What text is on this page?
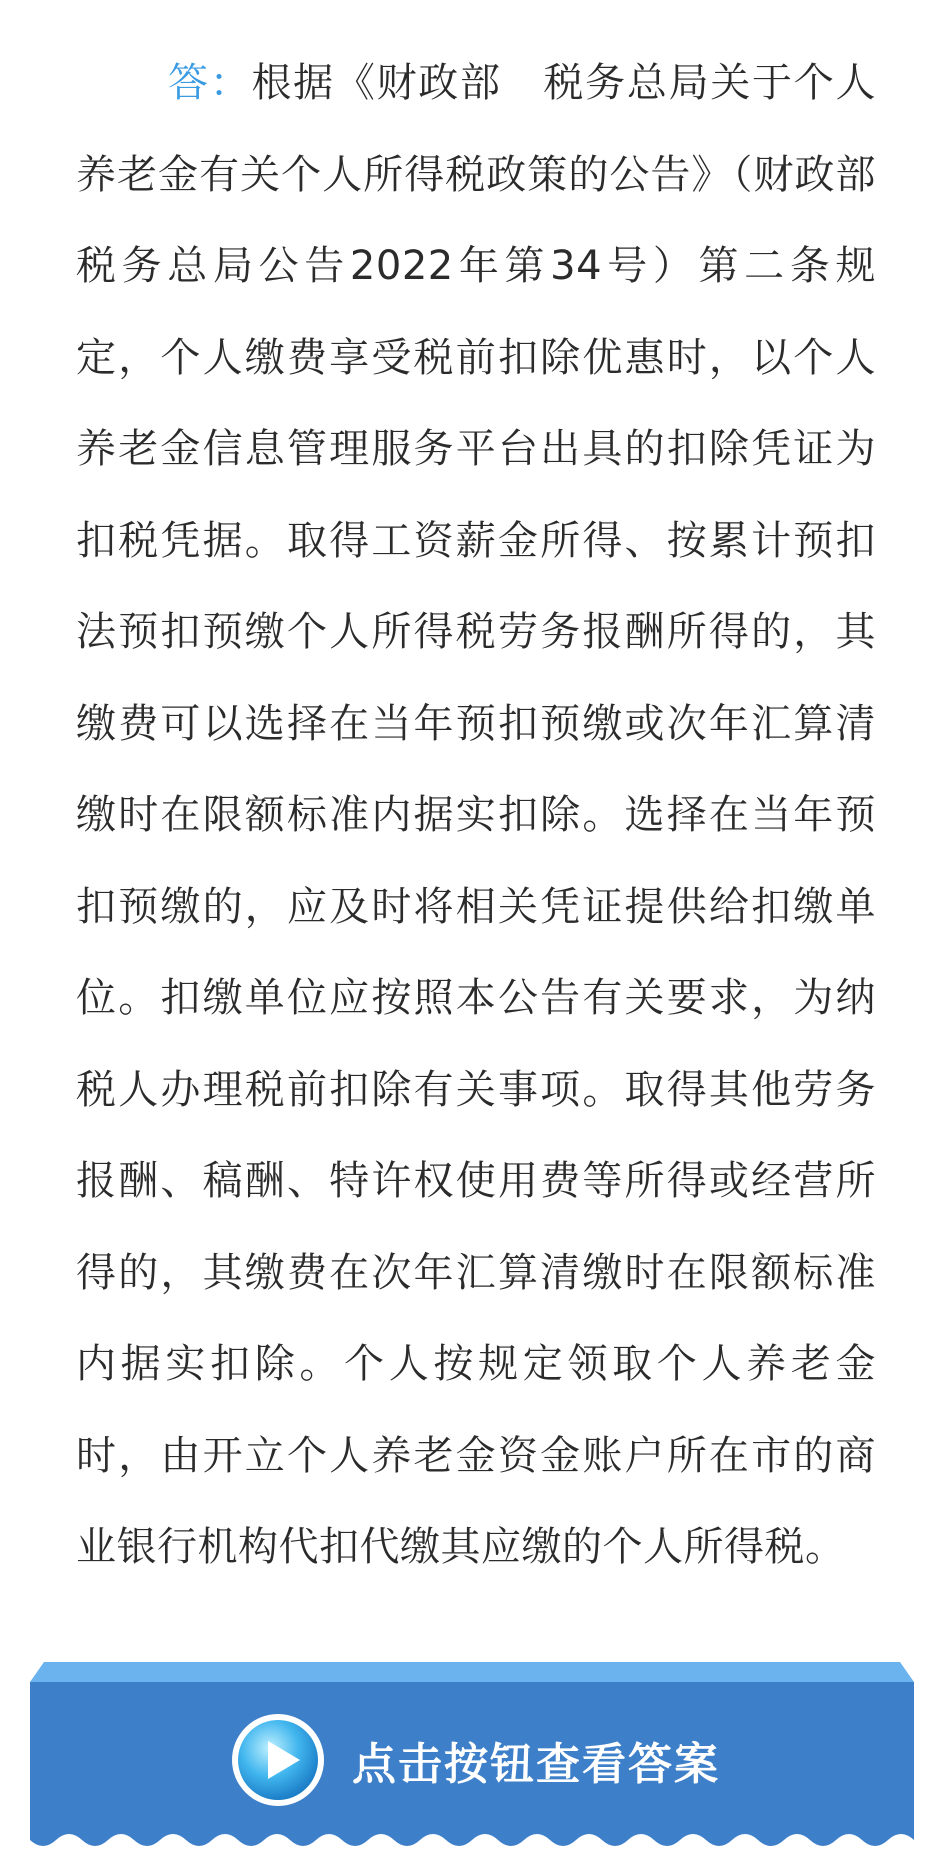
答：根据《财政部　税务总局关于个人养老金有关个人所得税政策的公告》（财政部　税务总局公告2022年第34号）第二条规定，个人缴费享受税前扣除优惠时，以个人养老金信息管理服务平台出具的扣除凭证为扣税凭据。取得工资薪金所得、按累计预扣法预扣预缴个人所得税劳务报酬所得的，其缴费可以选择在当年预扣预缴或次年汇算清缴时在限额标准内据实扣除。选择在当年预扣预缴的，应及时将相关凭证提供给扣缴单位。扣缴单位应按照本公告有关要求，为纳税人办理税前扣除有关事项。取得其他劳务报酬、稿酬、特许权使用费等所得或经营所得的，其缴费在次年汇算清缴时在限额标准内据实扣除。个人按规定领取个人养老金时，由开立个人养老金资金账户所在市的商业银行机构代扣代缴其应缴的个人所得税。

点击按钮查看答案
